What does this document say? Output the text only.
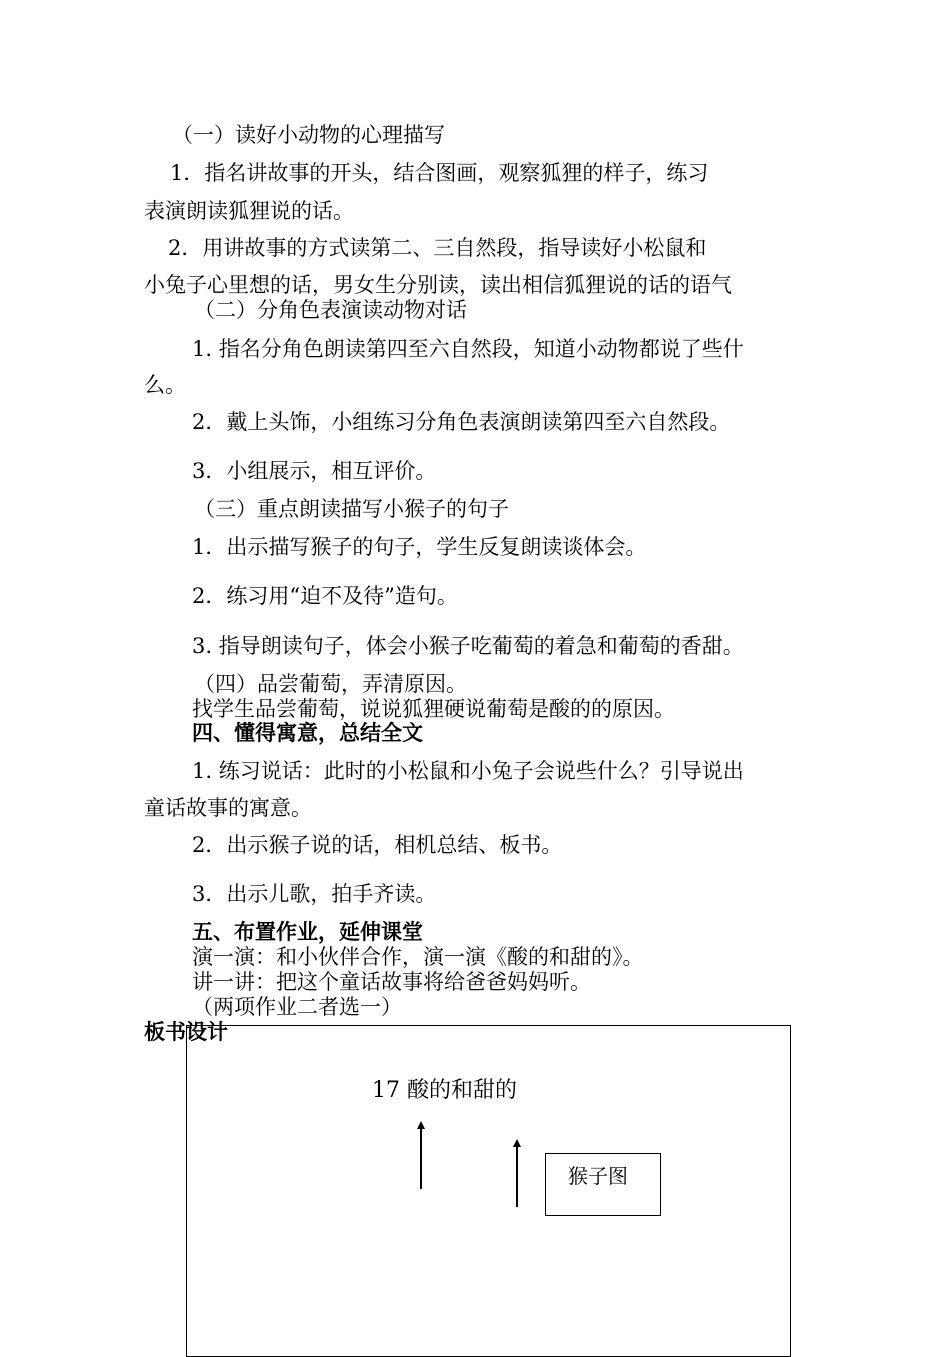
（一）读好小动物的心理描写
1．指名讲故事的开头，结合图画，观察狐狸的样子，练习
表演朗读狐狸说的话。
2．用讲故事的方式读第二、三自然段，指导读好小松鼠和
小兔子心里想的话，男女生分别读，读出相信狐狸说的话的语气
（二）分角色表演读动物对话
1. 指名分角色朗读第四至六自然段，知道小动物都说了些什
么。
2．戴上头饰，小组练习分角色表演朗读第四至六自然段。
3．小组展示，相互评价。
（三）重点朗读描写小猴子的句子
1．出示描写猴子的句子，学生反复朗读谈体会。
2．练习用“迫不及待”造句。
3. 指导朗读句子，体会小猴子吃葡萄的着急和葡萄的香甜。
（四）品尝葡萄，弄清原因。
找学生品尝葡萄，说说狐狸硬说葡萄是酸的的原因。
四、懂得寓意，总结全文
1. 练习说话：此时的小松鼠和小兔子会说些什么？引导说出
童话故事的寓意。
2．出示猴子说的话，相机总结、板书。
3．出示儿歌，拍手齐读。
五、布置作业，延伸课堂
演一演：和小伙伴合作，演一演《酸的和甜的》。
讲一讲：把这个童话故事将给爸爸妈妈听。
（两项作业二者选一）
板书设计
17 酸的和甜的
猴子图
